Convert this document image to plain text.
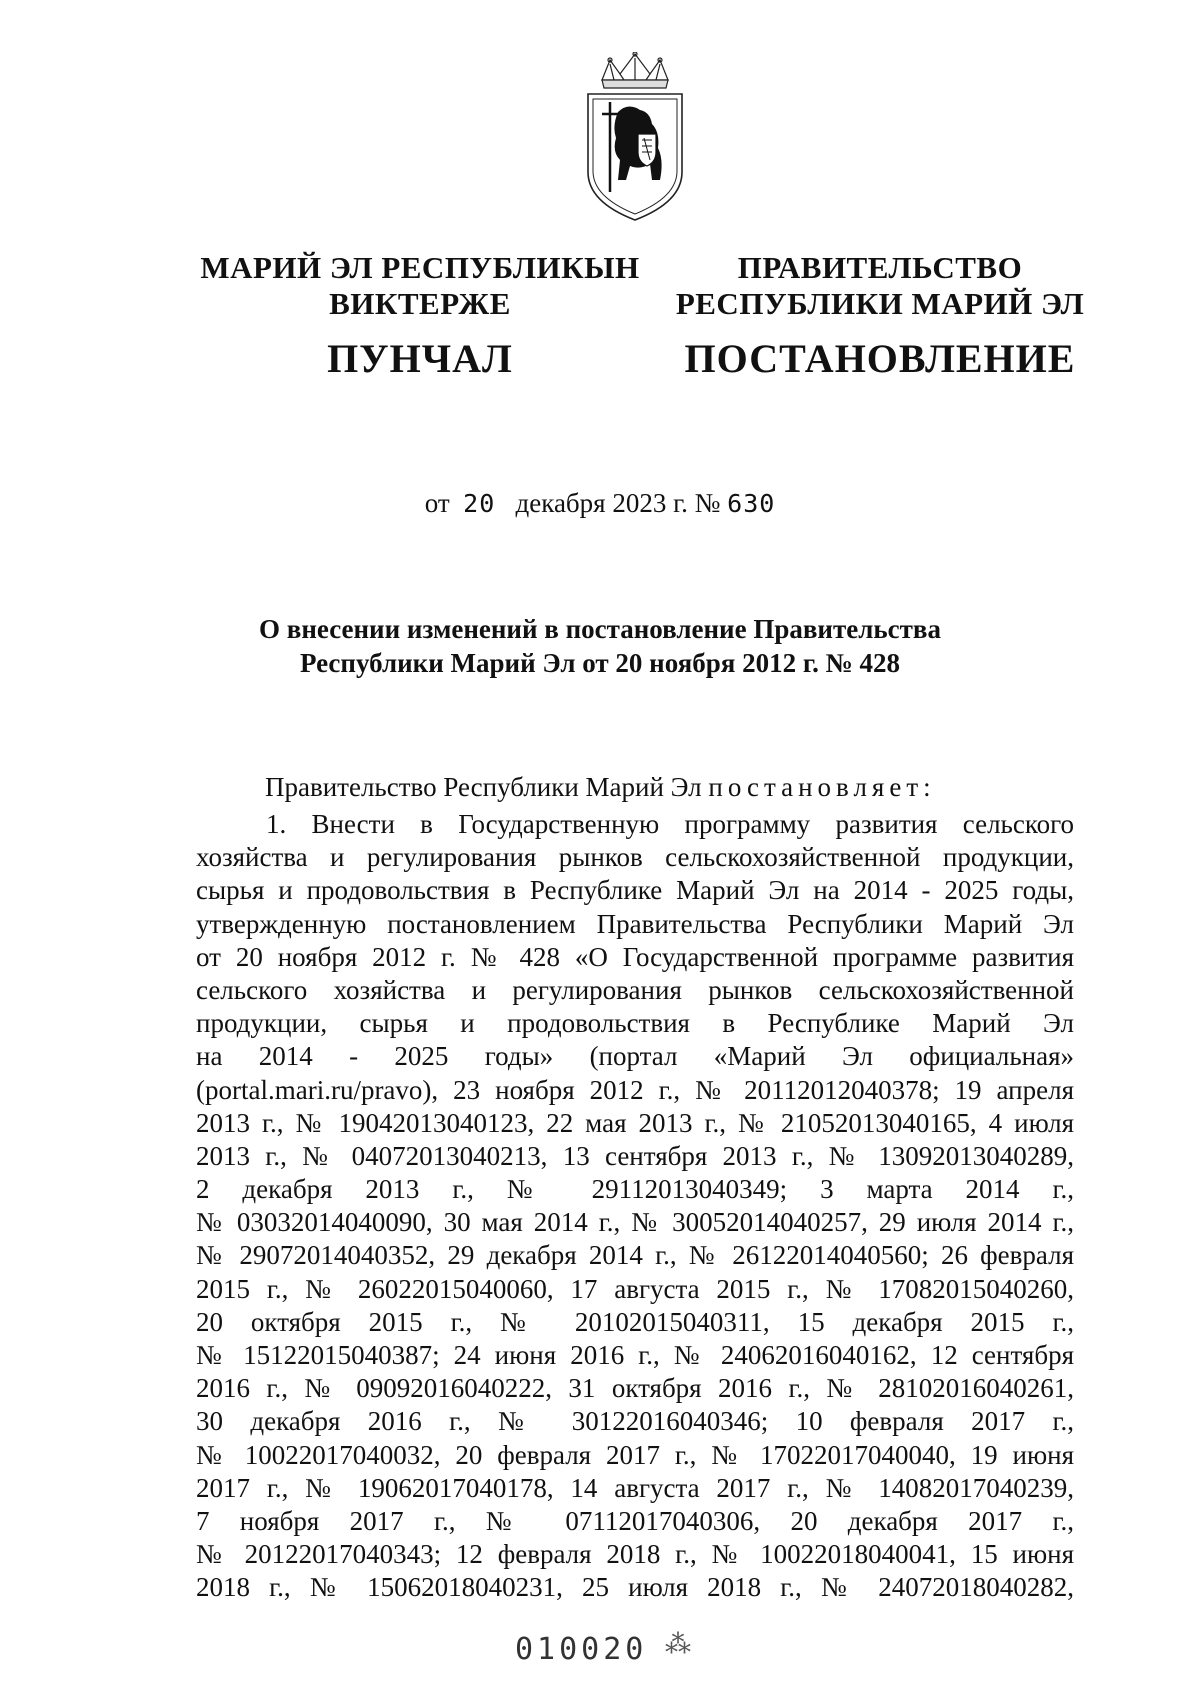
МАРИЙ ЭЛ РЕСПУБЛИКЫН
ВИКТЕРЖЕ
ПУНЧАЛ
ПРАВИТЕЛЬСТВО
РЕСПУБЛИКИ МАРИЙ ЭЛ
ПОСТАНОВЛЕНИЕ
от 20 декабря 2023 г. № 630
О внесении изменений в постановление Правительства
Республики Марий Эл от 20 ноября 2012 г. № 428
Правительство Республики Марий Эл постановляет:
1. Внести в Государственную программу развития сельского
хозяйства и регулирования рынков сельскохозяйственной продукции,
сырья и продовольствия в Республике Марий Эл на 2014 - 2025 годы,
утвержденную постановлением Правительства Республики Марий Эл
от 20 ноября 2012 г. № 428 «О Государственной программе развития
сельского хозяйства и регулирования рынков сельскохозяйственной
продукции, сырья и продовольствия в Республике Марий Эл
на 2014 - 2025 годы» (портал «Марий Эл официальная»
(portal.mari.ru/pravo), 23 ноября 2012 г., № 20112012040378; 19 апреля
2013 г., № 19042013040123, 22 мая 2013 г., № 21052013040165, 4 июля
2013 г., № 04072013040213, 13 сентября 2013 г., № 13092013040289,
2 декабря 2013 г., № 29112013040349; 3 марта 2014 г.,
№ 03032014040090, 30 мая 2014 г., № 30052014040257, 29 июля 2014 г.,
№ 29072014040352, 29 декабря 2014 г., № 26122014040560; 26 февраля
2015 г., № 26022015040060, 17 августа 2015 г., № 17082015040260,
20 октября 2015 г., № 20102015040311, 15 декабря 2015 г.,
№ 15122015040387; 24 июня 2016 г., № 24062016040162, 12 сентября
2016 г., № 09092016040222, 31 октября 2016 г., № 28102016040261,
30 декабря 2016 г., № 30122016040346; 10 февраля 2017 г.,
№ 10022017040032, 20 февраля 2017 г., № 17022017040040, 19 июня
2017 г., № 19062017040178, 14 августа 2017 г., № 14082017040239,
7 ноября 2017 г., № 07112017040306, 20 декабря 2017 г.,
№ 20122017040343; 12 февраля 2018 г., № 10022018040041, 15 июня
2018 г., № 15062018040231, 25 июля 2018 г., № 24072018040282,
010020 ⁂
